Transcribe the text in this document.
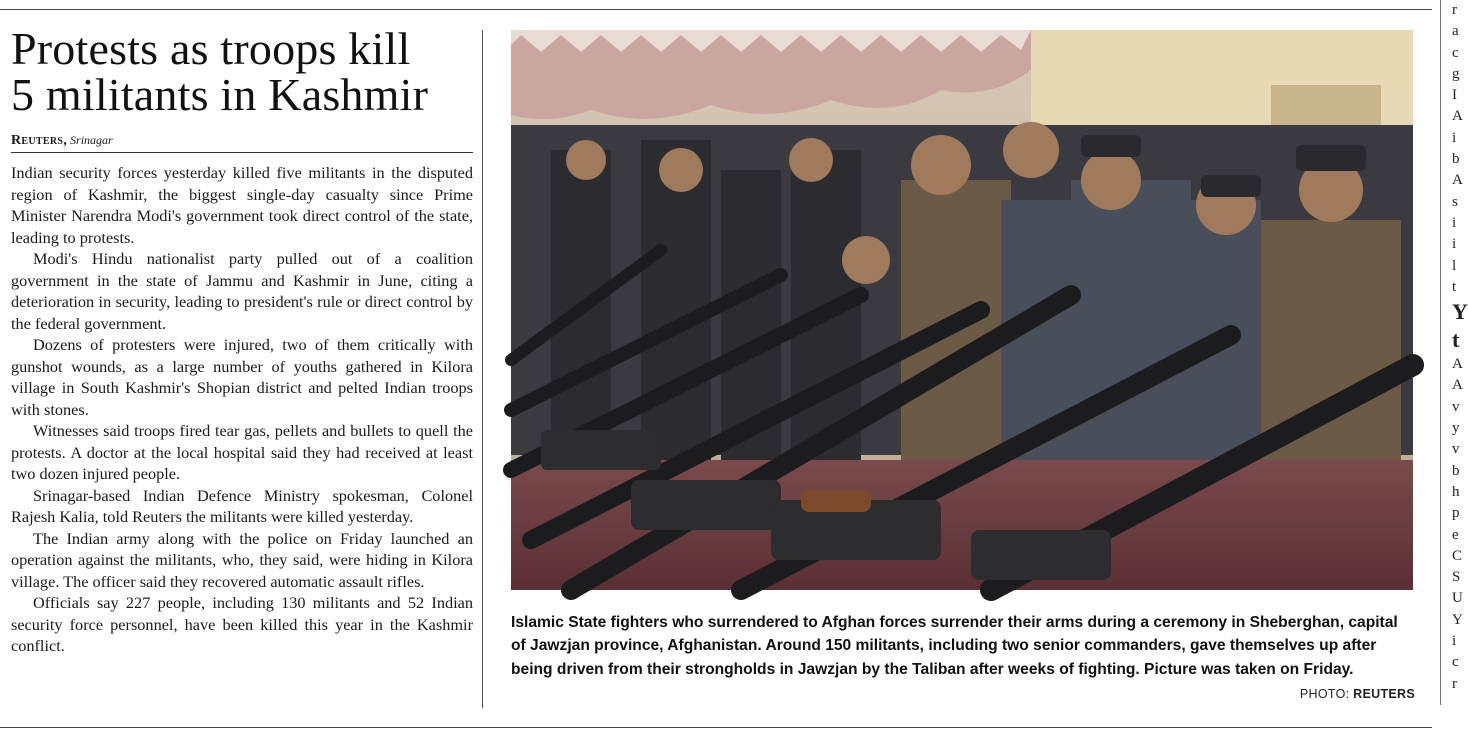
Protests as troops kill
5 militants in Kashmir
Reuters, Srinagar

Indian security forces yesterday killed five militants in the disputed region of Kashmir, the biggest single-day casualty since Prime Minister Narendra Modi's government took direct control of the state, leading to protests.

Modi's Hindu nationalist party pulled out of a coalition government in the state of Jammu and Kashmir in June, citing a deterioration in security, leading to president's rule or direct control by the federal government.

Dozens of protesters were injured, two of them critically with gunshot wounds, as a large number of youths gathered in Kilora village in South Kashmir's Shopian district and pelted Indian troops with stones.

Witnesses said troops fired tear gas, pellets and bullets to quell the protests. A doctor at the local hospital said they had received at least two dozen injured people.

Srinagar-based Indian Defence Ministry spokesman, Colonel Rajesh Kalia, told Reuters the militants were killed yesterday.

The Indian army along with the police on Friday launched an operation against the militants, who, they said, were hiding in Kilora village. The officer said they recovered automatic assault rifles.

Officials say 227 people, including 130 militants and 52 Indian security force personnel, have been killed this year in the Kashmir conflict.

Islamic State fighters who surrendered to Afghan forces surrender their arms during a ceremony in Sheberghan, capital of Jawzjan province, Afghanistan. Around 150 militants, including two senior commanders, gave themselves up after being driven from their strongholds in Jawzjan by the Taliban after weeks of fighting. Picture was taken on Friday.
PHOTO: REUTERS
r
a
c
g
I
A
i
b
A
s
i
i
l
t
Y
t
A
A
v
y
v
b
h
p
e
C
S
U
Y
i
c
r
